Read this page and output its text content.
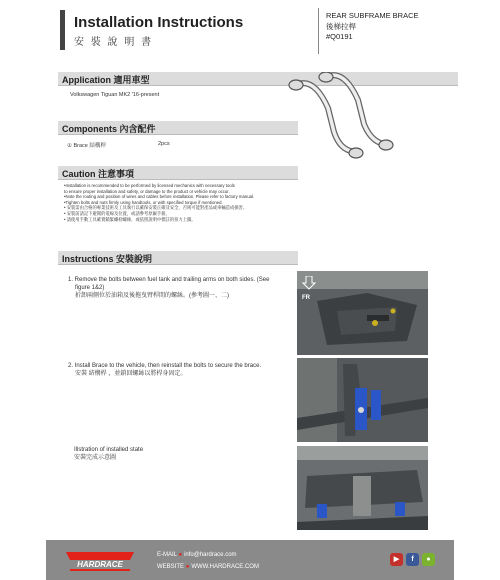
Installation Instructions
安 裝 說 明 書
REAR SUBFRAME BRACE
後梯拉桿
#Q0191
Application 適用車型
Volkswagen Tiguan MK2 '16-present
Components 內含配件
① Brace 結構桿	2pcs
Caution 注意事項
•Installation is recommended to be performed by licensed mechanics with necessary tools
to ensure proper installation and safety, or damage to the product or vehicle may occur.
•Note the routing and position of wires and cables before installation. Please refer to factory manual.
•Tighten bolts and nuts firmly using handtools, or with specified torque if mentioned.
• 安裝需由合格的專業技術及工具執行以確保安裝正確及安全，否則可能對產品或車輛造成損害。
• 安裝前請記下避開的電線及位置，或請參考原廠手冊。
• 請使用手動工具確實鎖緊螺栓螺絲，或依照說明中標註的扭力上鎖。
Instructions 安裝說明
1. Remove the bolts between fuel tank and trailing arms on both sides. (See
figure 1&2)
折卸兩側位於油箱及後拖曳臂桿間的螺絲。(參考圖一、二)
2. Install Brace to the vehicle, then reinstall the bolts to secure the brace.
安裝 結構桿 ，並鎖回螺絲以將桿身固定。
Illstration of installed state
安裝完成示意圖
FR
HARDRACE
E-MAIL ● info@hardrace.com
WEBSITE ● WWW.HARDRACE.COM
▶	f	●
